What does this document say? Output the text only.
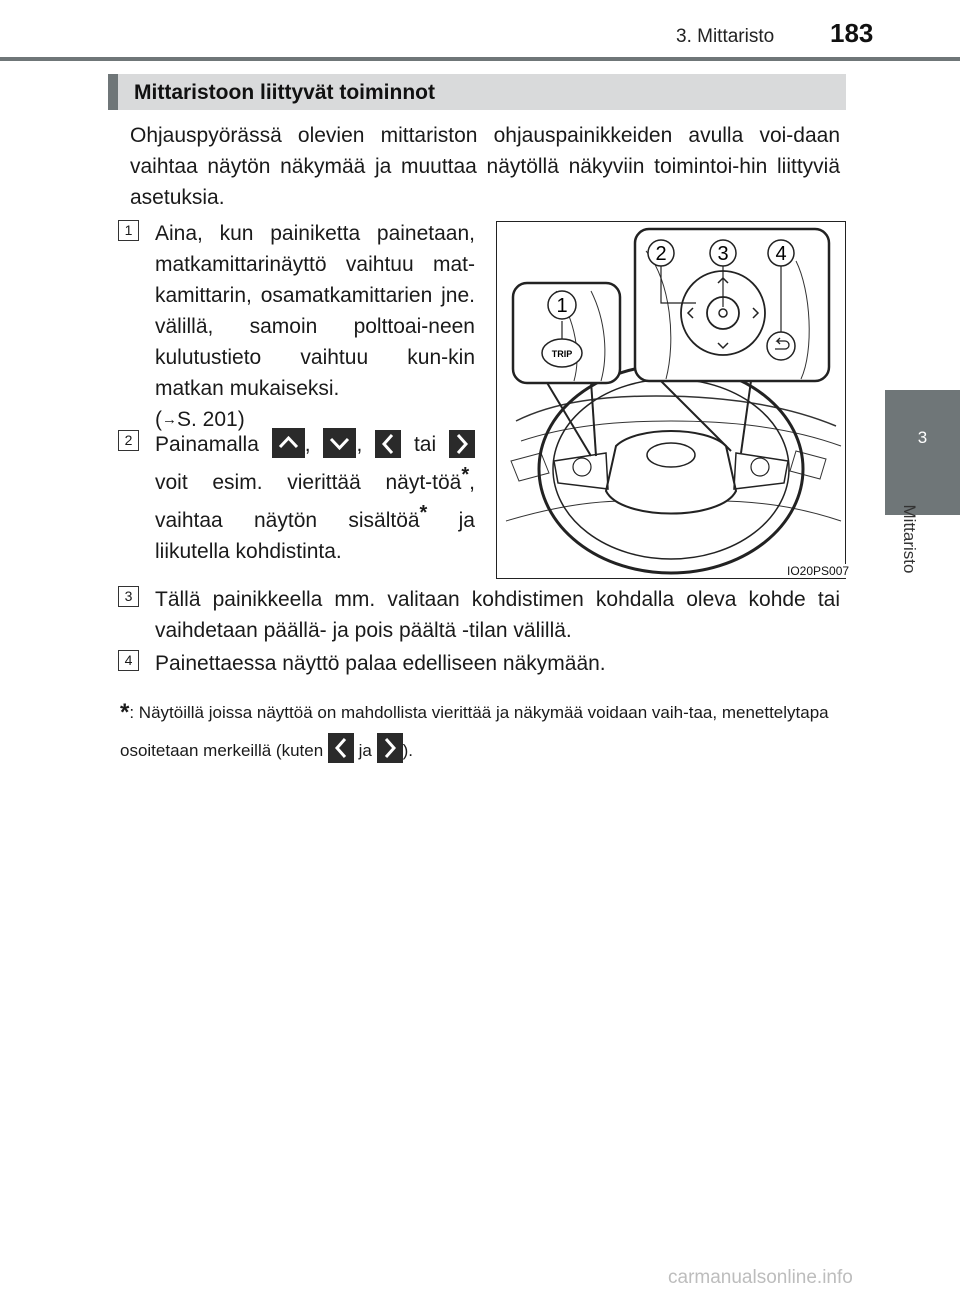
3. Mittaristo 183
3
Mittaristo
Mittaristoon liittyvät toiminnot

Ohjauspyörässä olevien mittariston ohjauspainikkeiden avulla voi-daan vaihtaa näytön näkymää ja muuttaa näytöllä näkyviin toimintoi-hin liittyviä asetuksia.

1	Aina, kun painiketta painetaan, matkamittarinäyttö vaihtuu mat-kamittarin, osamatkamittarien jne. välillä, samoin polttoai-neen kulutustieto vaihtuu kun-kin matkan mukaiseksi.
(→S. 201)

2	Painamalla , , tai  voit esim. vierittää näyt-töä*, vaihtaa näytön sisältöä* ja liikutella kohdistinta.

TRIP
1
2	3 4
IO20PS007
3	Tällä painikkeella mm. valitaan kohdistimen kohdalla oleva kohde tai vaihdetaan päällä- ja pois päältä -tilan välillä.

4	Painettaessa näyttö palaa edelliseen näkymään.

*: Näytöillä joissa näyttöä on mahdollista vierittää ja näkymää voidaan vaih-taa, menettelytapa osoitetaan merkeillä (kuten ja ).

carmanualsonline.info
